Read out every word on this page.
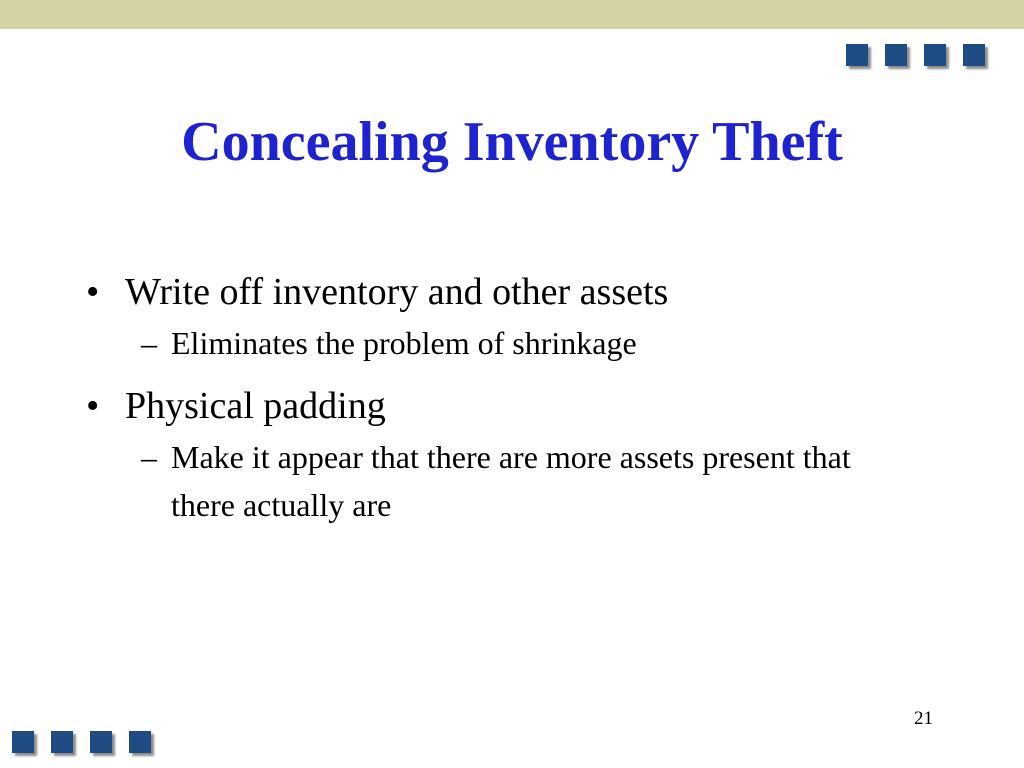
Concealing Inventory Theft
• Write off inventory and other assets
– Eliminates the problem of shrinkage
• Physical padding
– Make it appear that there are more assets present that there actually are
21
